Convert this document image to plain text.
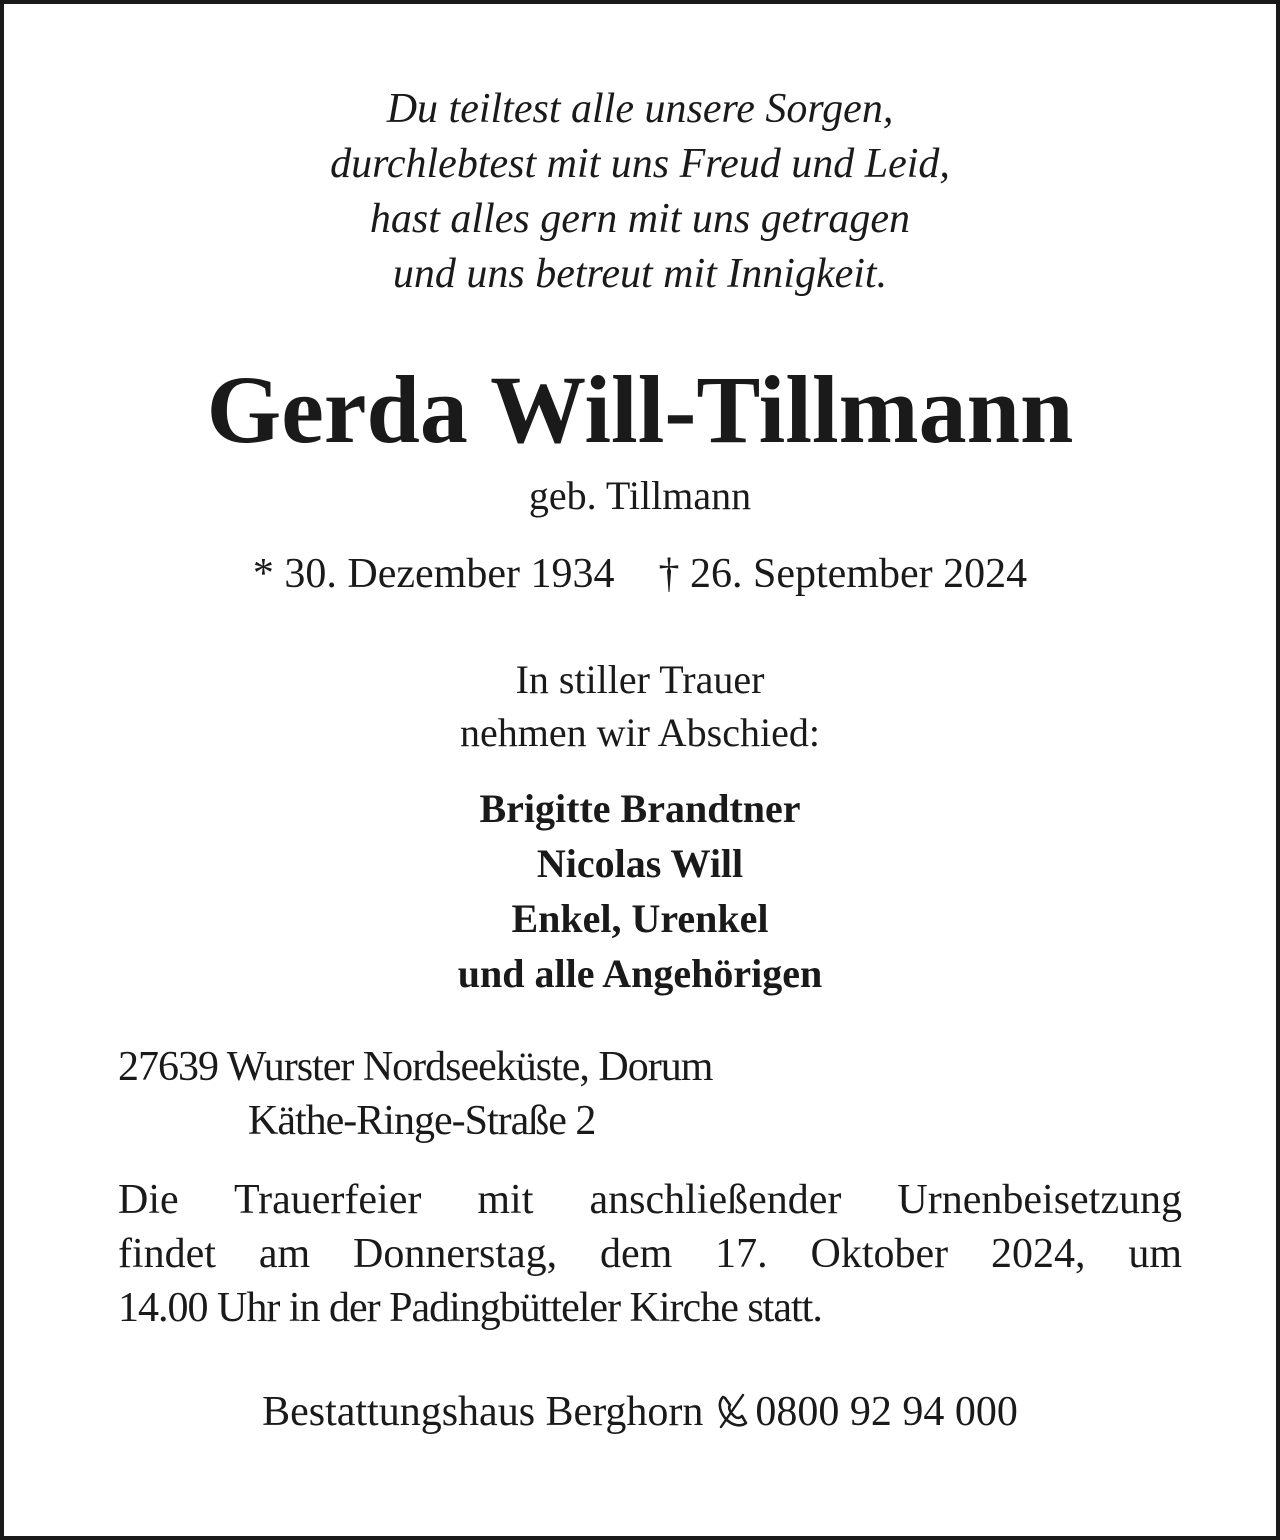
Du teiltest alle unsere Sorgen,
durchlebtest mit uns Freud und Leid,
hast alles gern mit uns getragen
und uns betreut mit Innigkeit.
Gerda Will-Tillmann
geb. Tillmann
* 30. Dezember 1934 † 26. September 2024
In stiller Trauer
nehmen wir Abschied:
Brigitte Brandtner
Nicolas Will
Enkel, Urenkel
und alle Angehörigen
27639 Wurster Nordseeküste, Dorum
Käthe-Ringe-Straße 2
Die Trauerfeier mit anschließender Urnenbeisetzung
findet am Donnerstag, dem 17. Oktober 2024, um
14.00 Uhr in der Padingbütteler Kirche statt.
Bestattungshaus Berghorn 0800 92 94 000
